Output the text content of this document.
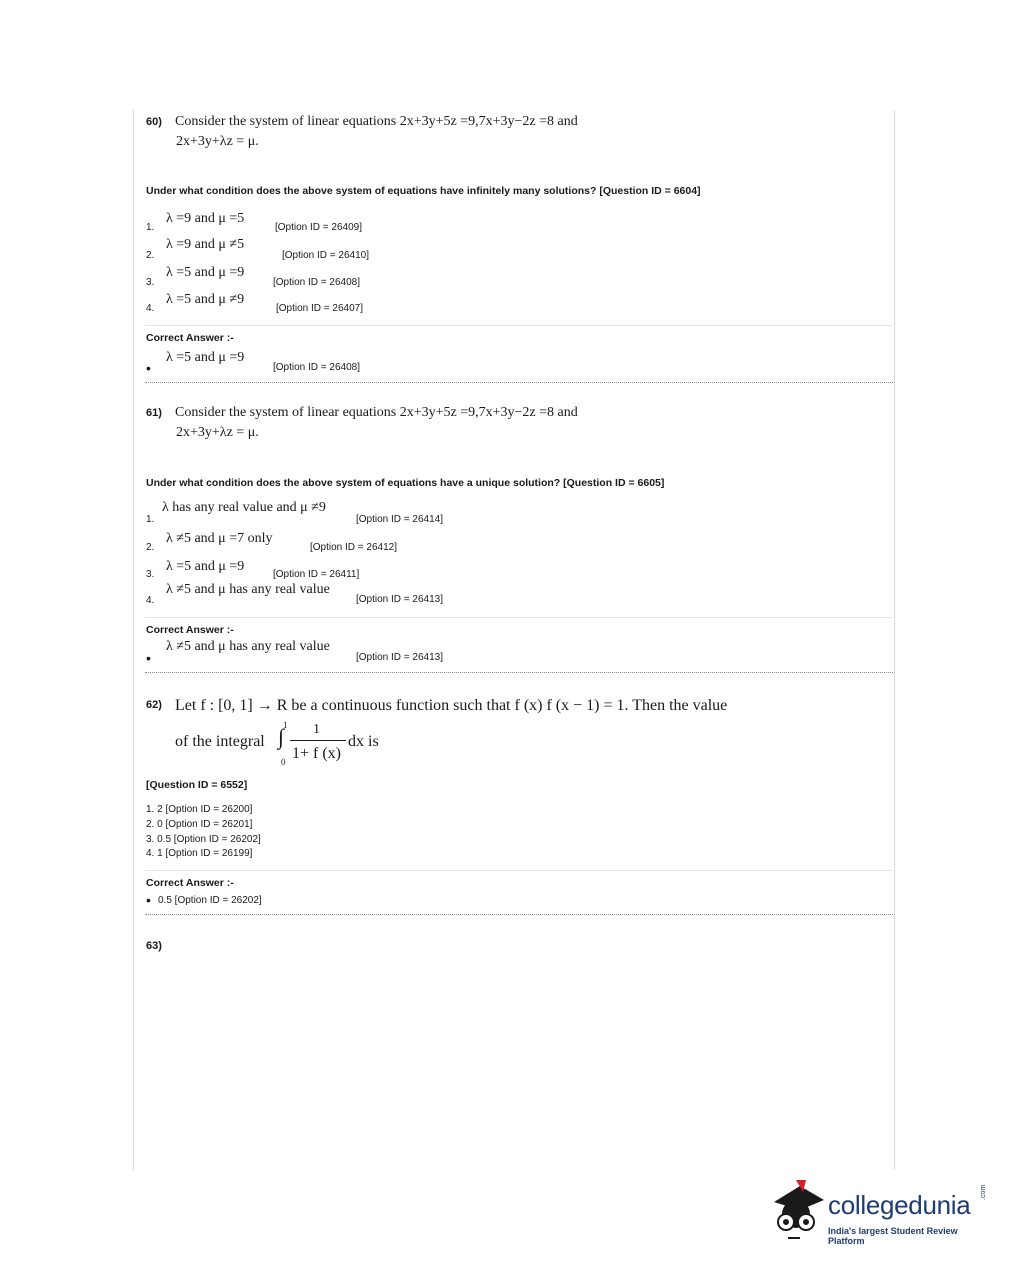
60) Consider the system of linear equations 2x+3y+5z =9,7x+3y−2z =8 and
2x+3y+λz = μ.
Under what condition does the above system of equations have infinitely many solutions? [Question ID = 6604]
1.
λ =9 and μ =5
[Option ID = 26409]
2.
λ =9 and μ ≠5
[Option ID = 26410]
3.
λ =5 and μ =9
[Option ID = 26408]
4.
λ =5 and μ ≠9
[Option ID = 26407]
Correct Answer :-
•
λ =5 and μ =9
[Option ID = 26408]
61) Consider the system of linear equations 2x+3y+5z =9,7x+3y−2z =8 and
2x+3y+λz = μ.
Under what condition does the above system of equations have a unique solution? [Question ID = 6605]
1.
λ has any real value and μ ≠9
[Option ID = 26414]
2.
λ ≠5 and μ =7 only
[Option ID = 26412]
3.
λ =5 and μ =9
[Option ID = 26411]
4.
λ ≠5 and μ has any real value
[Option ID = 26413]
Correct Answer :-
•
λ ≠5 and μ has any real value
[Option ID = 26413]
62) Let f : [0, 1] → R be a continuous function such that f (x) f (x − 1) = 1. Then the value
of the integral ∫
1
0
1
1+ f (x)
dx is
[Question ID = 6552]
1. 2 [Option ID = 26200]
2. 0 [Option ID = 26201]
3. 0.5 [Option ID = 26202]
4. 1 [Option ID = 26199]
Correct Answer :-
• 0.5 [Option ID = 26202]
63)
collegedunia .com
India's largest Student Review Platform
